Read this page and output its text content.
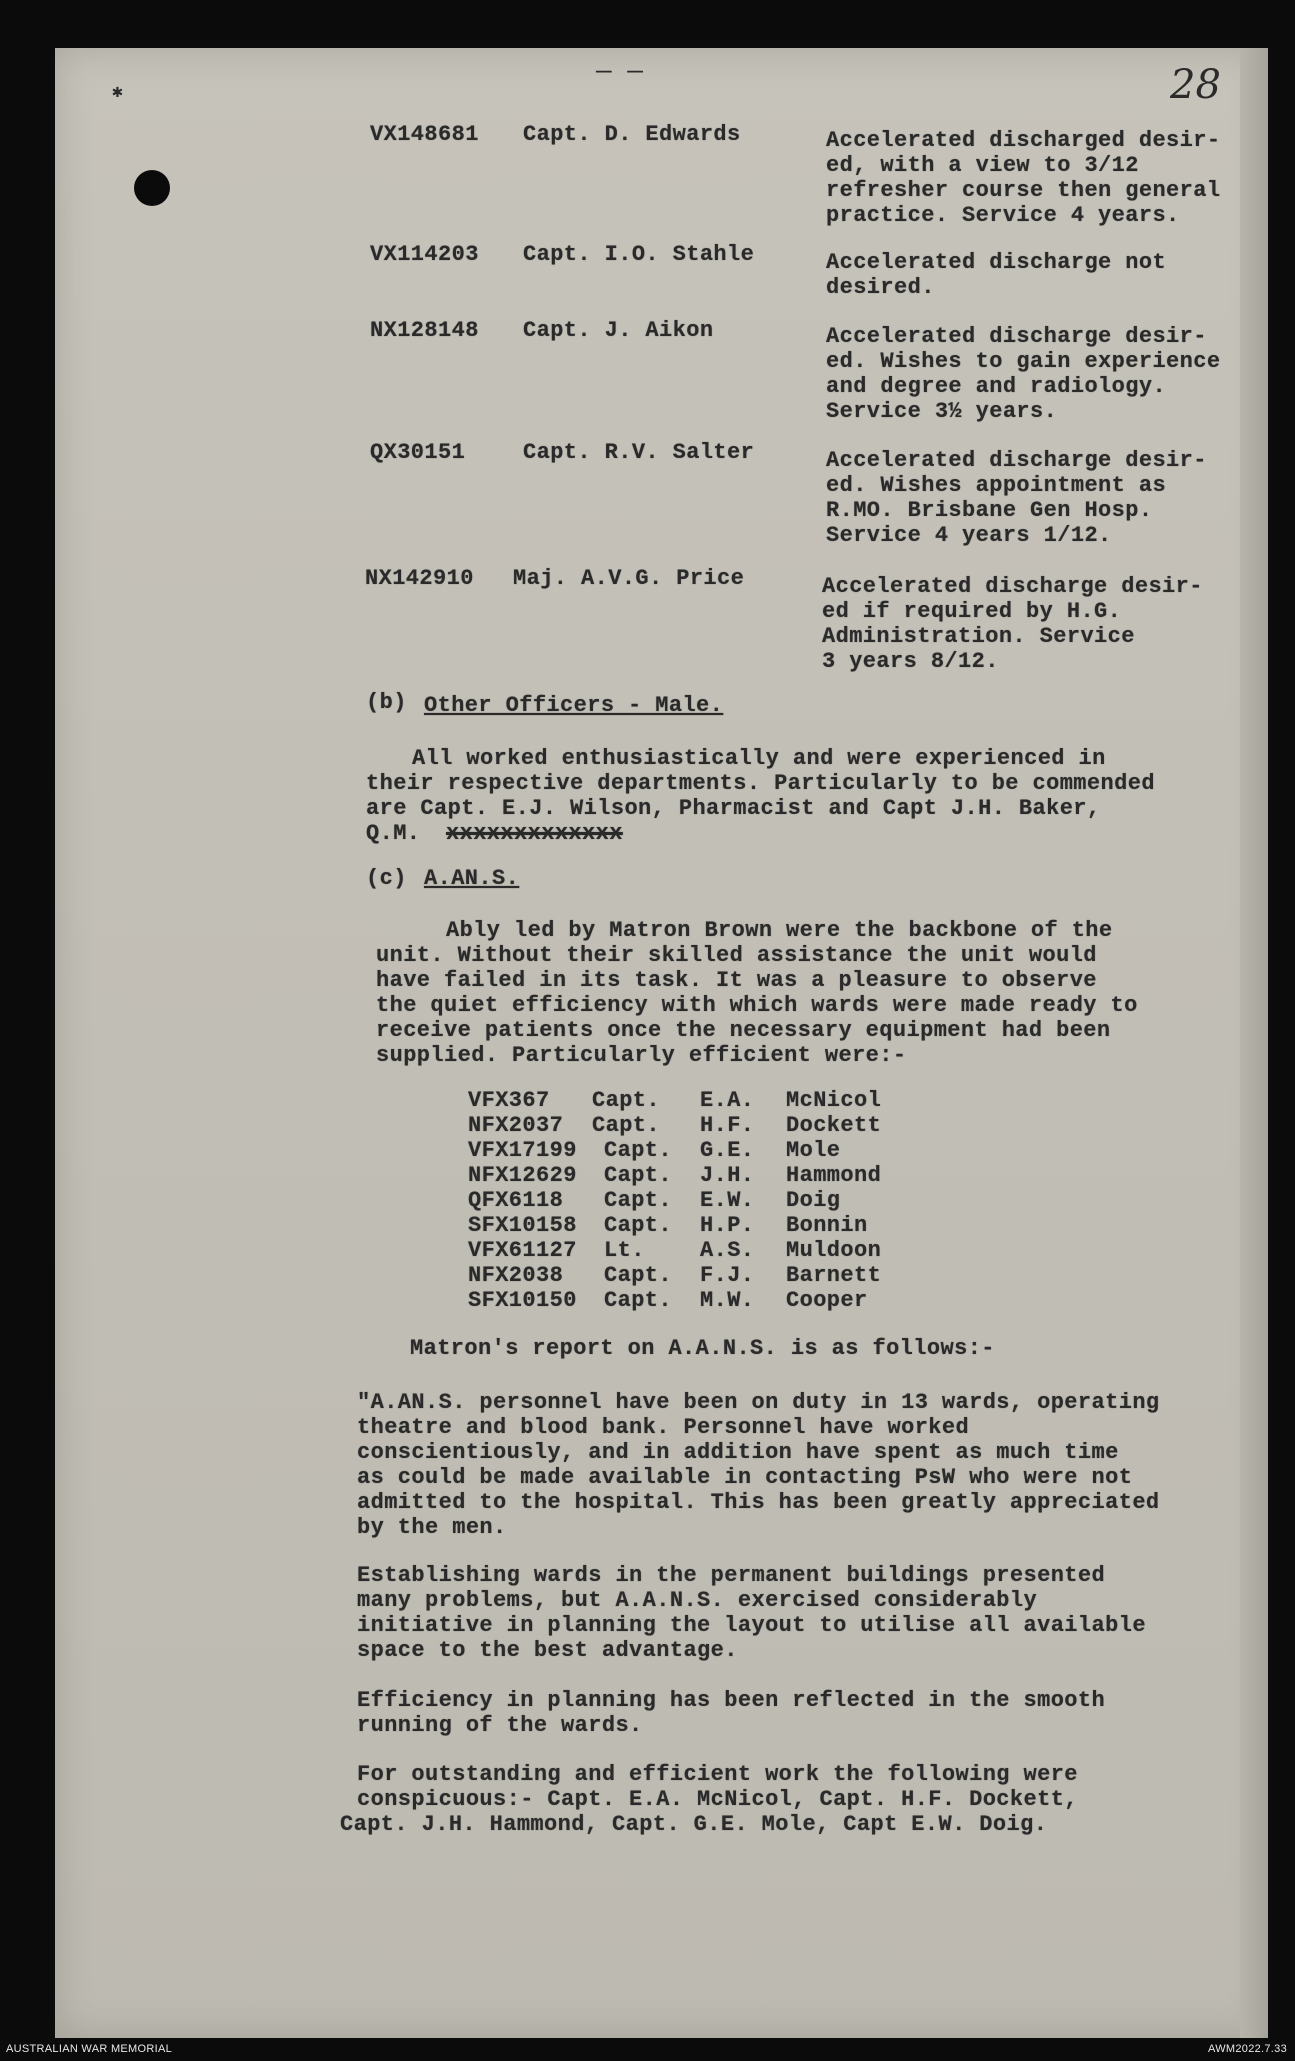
✱
— —	28
VX148681 Capt. D. Edwards	Accelerated discharged desir-
ed, with a view to 3/12
refresher course then general
practice. Service 4 years.
VX114203 Capt. I.O. Stahle	Accelerated discharge not
desired.
NX128148 Capt. J. Aikon	Accelerated discharge desir-
ed. Wishes to gain experience
and degree and radiology.
Service 3½ years.
QX30151	Capt. R.V. Salter	Accelerated discharge desir-
ed. Wishes appointment as
R.MO. Brisbane Gen Hosp.
Service 4 years 1/12.
NX142910 Maj. A.V.G. Price	Accelerated discharge desir-
ed if required by H.G.
Administration. Service
3 years 8/12.
(b) Other Officers - Male.
All worked enthusiastically and were experienced in
their respective departments. Particularly to be commended
are Capt. E.J. Wilson, Pharmacist and Capt J.H. Baker,
Q.M. xxxxxxxxxxxxx
(c) A.AN.S.
Ably led by Matron Brown were the backbone of the
unit. Without their skilled assistance the unit would
have failed in its task. It was a pleasure to observe
the quiet efficiency with which wards were made ready to
receive patients once the necessary equipment had been
supplied. Particularly efficient were:-
VFX367 Capt. E.A. McNicol
NFX2037 Capt. H.F. Dockett
VFX17199 Capt. G.E. Mole
NFX12629 Capt. J.H. Hammond
QFX6118 Capt. E.W. Doig
SFX10158 Capt. H.P. Bonnin
VFX61127 Lt.	A.S. Muldoon
NFX2038 Capt. F.J. Barnett
SFX10150 Capt. M.W. Cooper
Matron's report on A.A.N.S. is as follows:-
"A.AN.S. personnel have been on duty in 13 wards, operating
theatre and blood bank. Personnel have worked
conscientiously, and in addition have spent as much time
as could be made available in contacting PsW who were not
admitted to the hospital. This has been greatly appreciated
by the men.
Establishing wards in the permanent buildings presented
many problems, but A.A.N.S. exercised considerably
initiative in planning the layout to utilise all available
space to the best advantage.
Efficiency in planning has been reflected in the smooth
running of the wards.
For outstanding and efficient work the following were
conspicuous:- Capt. E.A. McNicol, Capt. H.F. Dockett,
Capt. J.H. Hammond, Capt. G.E. Mole, Capt E.W. Doig.
AUSTRALIAN WAR MEMORIAL	AWM2022.7.33
